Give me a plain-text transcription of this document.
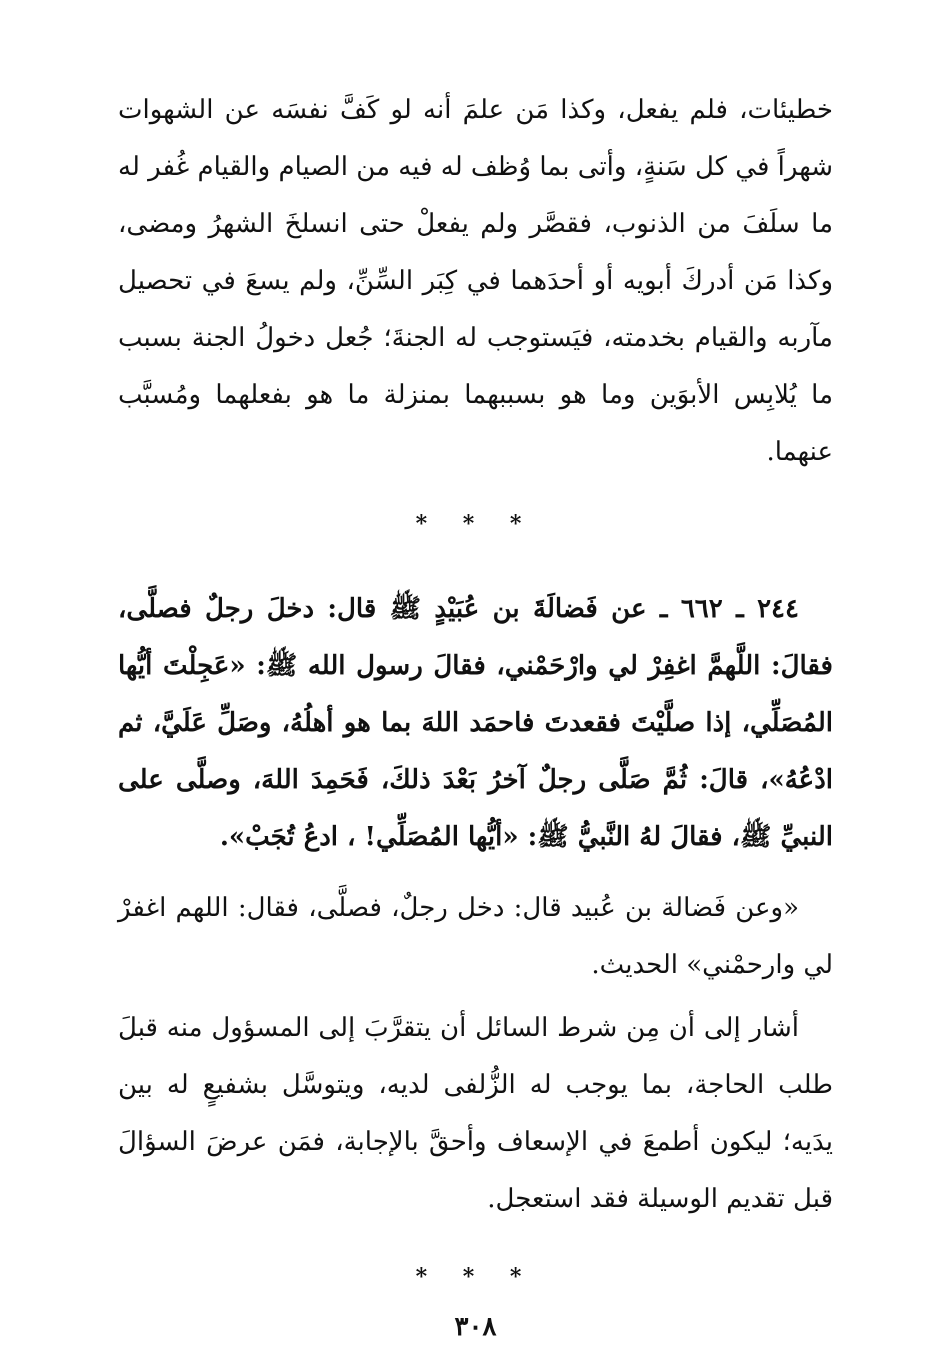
خطيئات، فلم يفعل، وكذا مَن علمَ أنه لو كَفَّ نفسَه عن الشهوات شهراً في كل سَنةٍ، وأتى بما وُظف له فيه من الصيام والقيام غُفر له ما سلَفَ من الذنوب، فقصَّر ولم يفعلْ حتى انسلخَ الشهرُ ومضى، وكذا مَن أدركَ أبويه أو أحدَهما في كِبَر السِّنِّ، ولم يسعَ في تحصيل مآربه والقيام بخدمته، فيَستوجب له الجنةَ؛ جُعل دخولُ الجنة بسبب ما يُلابِس الأبوَين وما هو بسببهما بمنزلة ما هو بفعلهما ومُسبَّب عنهما.

* * *

٢٤٤ ـ ٦٦٢ ـ عن فَضالَةَ بن عُبَيْدٍ ﷺ قال: دخلَ رجلٌ فصلَّى، فقالَ: اللَّهمَّ اغفِرْ لي وارْحَمْني، فقالَ رسول الله ﷺ: «عَجِلْتَ أيُّها المُصَلِّي، إذا صلَّيْتَ فقعدتَ فاحمَد اللهَ بما هو أهلُهُ، وصَلِّ عَلَيَّ، ثم ادْعُهُ»، قالَ: ثُمَّ صَلَّى رجلٌ آخرُ بَعْدَ ذلكَ، فَحَمِدَ اللهَ، وصلَّى على النبيِّ ﷺ، فقالَ لهُ النَّبيُّ ﷺ: «أيُّها المُصَلِّي! ، ادعُ تُجَبْ».

«وعن فَضالة بن عُبيد قال: دخل رجلٌ، فصلَّى، فقال: اللهم اغفرْ لي وارحمْني» الحديث.

أشار إلى أن مِن شرط السائل أن يتقرَّبَ إلى المسؤول منه قبلَ طلب الحاجة، بما يوجب له الزُّلفى لديه، ويتوسَّل بشفيعٍ له بين يدَيه؛ ليكون أطمعَ في الإسعاف وأحقَّ بالإجابة، فمَن عرضَ السؤالَ قبل تقديم الوسيلة فقد استعجل.

* * *
٣٠٨
